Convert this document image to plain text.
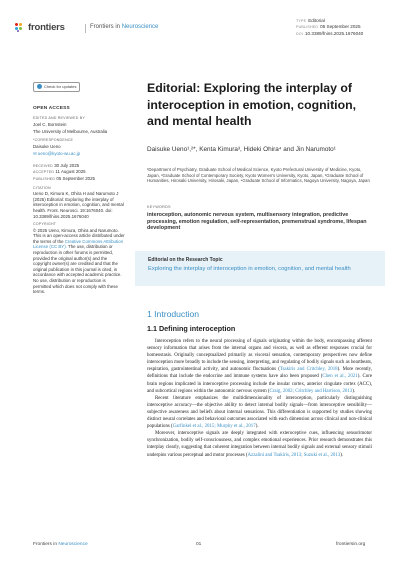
frontiers	Frontiers in Neuroscience
TYPE Editorial
PUBLISHED 05 September 2025
DOI 10.3389/fnins.2025.1676040
Check for updates
OPEN ACCESS
EDITED AND REVIEWED BY
Joel C. Bornstein
The University of Melbourne, Australia
*CORRESPONDENCE
Daisuke Ueno
✉ ueno@kyoto-wu.ac.jp
RECEIVED 30 July 2025
ACCEPTED 11 August 2025
PUBLISHED 05 September 2025
CITATION
Ueno D, Kimura K, Ohira H and Narumoto J (2025) Editorial: Exploring the interplay of interoception in emotion, cognition, and mental health. Front. Neurosci. 19:1676040. doi: 10.3389/fnins.2025.1676040
COPYRIGHT
© 2025 Ueno, Kimura, Ohira and Narumoto. This is an open-access article distributed under the terms of the Creative Commons Attribution License (CC BY). The use, distribution or reproduction in other forums is permitted, provided the original author(s) and the copyright owner(s) are credited and that the original publication in this journal is cited, in accordance with accepted academic practice. No use, distribution or reproduction is permitted which does not comply with these terms.
Editorial: Exploring the interplay of interoception in emotion, cognition, and mental health
Daisuke Ueno¹,²*, Kenta Kimura³, Hideki Ohira⁴ and Jin Narumoto¹
¹Department of Psychiatry, Graduate School of Medical Science, Kyoto Prefectural University of Medicine, Kyoto, Japan, ²Graduate School of Contemporary Society, Kyoto Women's University, Kyoto, Japan, ³Graduate School of Humanities, Hirosaki University, Hirosaki, Japan, ⁴Graduate School of Informatics, Nagoya University, Nagoya, Japan
KEYWORDS
interoception, autonomic nervous system, multisensory integration, predictive processing, emotion regulation, self-representation, premenstrual syndrome, lifespan development
Editorial on the Research Topic
Exploring the interplay of interoception in emotion, cognition, and mental health
1 Introduction
1.1 Defining interoception

Interoception refers to the neural processing of signals originating within the body, encompassing afferent sensory information that arises from the internal organs and viscera, as well as efferent responses crucial for homeostasis. Originally conceptualized primarily as visceral sensation, contemporary perspectives now define interoception more broadly to include the sensing, interpreting, and regulating of bodily signals such as heartbeats, respiration, gastrointestinal activity, and autonomic fluctuations (Tsakiris and Critchley, 2018). More recently, definitions that include the endocrine and immune systems have also been proposed (Chen et al., 2021). Core brain regions implicated in interoceptive processing include the insular cortex, anterior cingulate cortex (ACC), and subcortical regions within the autonomic nervous system (Craig, 2002; Critchley and Harrison, 2013).

Recent literature emphasizes the multidimensionality of interoception, particularly distinguishing interoceptive accuracy—the objective ability to detect internal bodily signals—from interoceptive sensibility—subjective awareness and beliefs about internal sensations. This differentiation is supported by studies showing distinct neural correlates and behavioral outcomes associated with each dimension across clinical and non-clinical populations (Garfinkel et al., 2015; Murphy et al., 2017).

Moreover, interoceptive signals are deeply integrated with exteroceptive cues, influencing sensorimotor synchronization, bodily self-consciousness, and complex emotional experiences. Prior research demonstrates this interplay clearly, suggesting that coherent integration between internal bodily signals and external sensory stimuli underpins various perceptual and motor processes (Azzalini and Tsakiris, 2013; Suzuki et al., 2013).

Frontiers in Neuroscience	01	frontiersin.org
